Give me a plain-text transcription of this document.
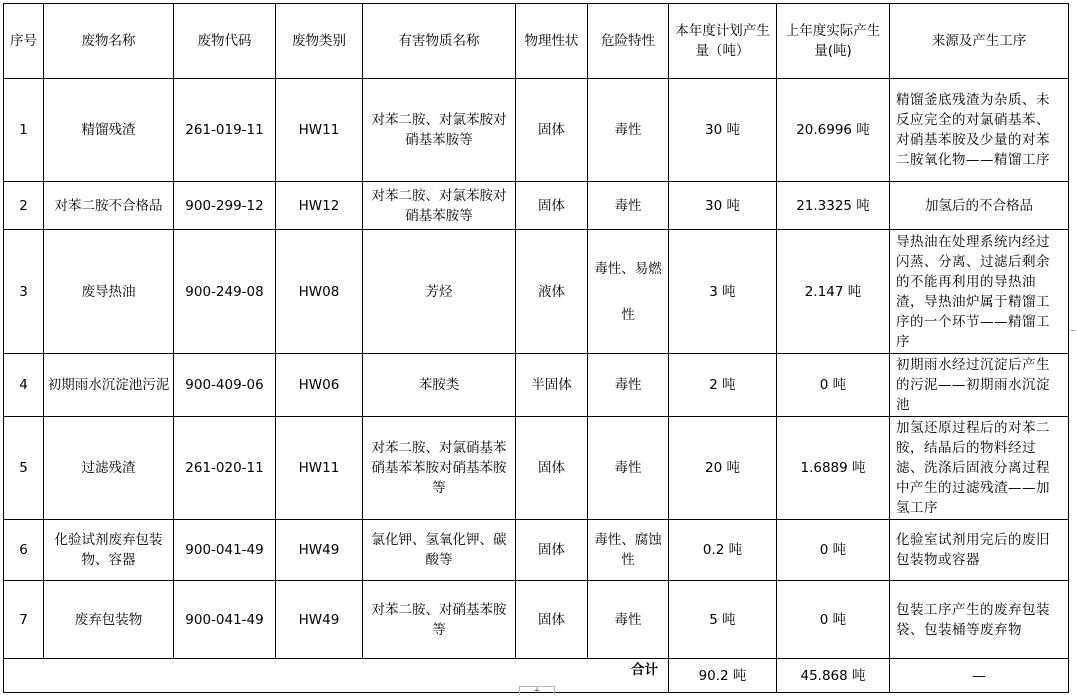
序号	废物名称	废物代码	废物类别	有害物质名称	物理性状	危险特性	本年度计划产生量（吨）	上年度实际产生量(吨)	来源及产生工序
1	精馏残渣	261-019-11	HW11	对苯二胺、对氯苯胺对硝基苯胺等	固体	毒性	30 吨	20.6996 吨	精馏釜底残渣为杂质、未反应完全的对氯硝基苯、对硝基苯胺及少量的对苯二胺氧化物——精馏工序
2	对苯二胺不合格品	900-299-12	HW12	对苯二胺、对氯苯胺对硝基苯胺等	固体	毒性	30 吨	21.3325 吨	加氢后的不合格品
3	废导热油	900-249-08	HW08	芳烃	液体	毒性、易燃性	3 吨	2.147 吨	导热油在处理系统内经过闪蒸、分离、过滤后剩余的不能再利用的导热油渣，导热油炉属于精馏工序的一个环节——精馏工序
4	初期雨水沉淀池污泥	900-409-06	HW06	苯胺类	半固体	毒性	2 吨	0 吨	初期雨水经过沉淀后产生的污泥——初期雨水沉淀池
5	过滤残渣	261-020-11	HW11	对苯二胺、对氯硝基苯硝基苯苯胺对硝基苯胺等	固体	毒性	20 吨	1.6889 吨	加氢还原过程后的对苯二胺，结晶后的物料经过滤、洗涤后固液分离过程中产生的过滤残渣——加氢工序
6	化验试剂废弃包装物、容器	900-041-49	HW49	氯化钾、氢氧化钾、碳酸等	固体	毒性、腐蚀性	0.2 吨	0 吨	化验室试剂用完后的废旧包装物或容器
7	废弃包装物	900-041-49	HW49	对苯二胺、对硝基苯胺等	固体	毒性	5 吨	0 吨	包装工序产生的废弃包装袋、包装桶等废弃物
合计							90.2 吨	45.868 吨	—
+
